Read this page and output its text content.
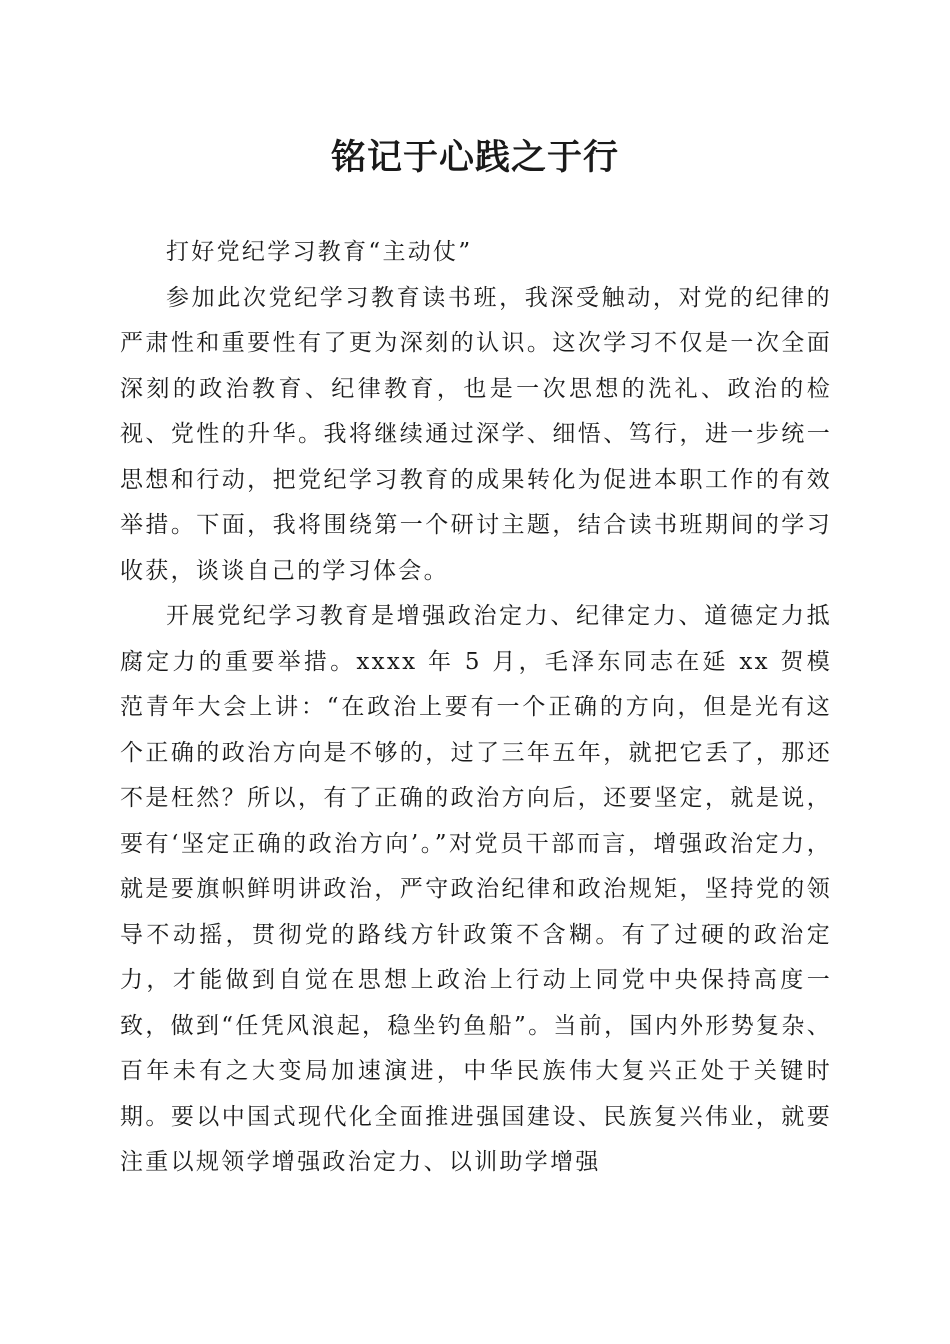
铭记于心践之于行

打好党纪学习教育“主动仗”

参加此次党纪学习教育读书班，我深受触动，对党的纪律的严肃性和重要性有了更为深刻的认识。这次学习不仅是一次全面深刻的政治教育、纪律教育，也是一次思想的洗礼、政治的检视、党性的升华。我将继续通过深学、细悟、笃行，进一步统一思想和行动，把党纪学习教育的成果转化为促进本职工作的有效举措。下面，我将围绕第一个研讨主题，结合读书班期间的学习收获，谈谈自己的学习体会。

开展党纪学习教育是增强政治定力、纪律定力、道德定力抵腐定力的重要举措。xxxx 年 5 月，毛泽东同志在延 xx 贺模范青年大会上讲：“在政治上要有一个正确的方向，但是光有这个正确的政治方向是不够的，过了三年五年，就把它丢了，那还不是枉然？所以，有了正确的政治方向后，还要坚定，就是说，要有‘坚定正确的政治方向’。”对党员干部而言，增强政治定力，就是要旗帜鲜明讲政治，严守政治纪律和政治规矩，坚持党的领导不动摇，贯彻党的路线方针政策不含糊。有了过硬的政治定力，才能做到自觉在思想上政治上行动上同党中央保持高度一致，做到“任凭风浪起，稳坐钓鱼船”。当前，国内外形势复杂、百年未有之大变局加速演进，中华民族伟大复兴正处于关键时期。要以中国式现代化全面推进强国建设、民族复兴伟业，就要注重以规领学增强政治定力、以训助学增强
